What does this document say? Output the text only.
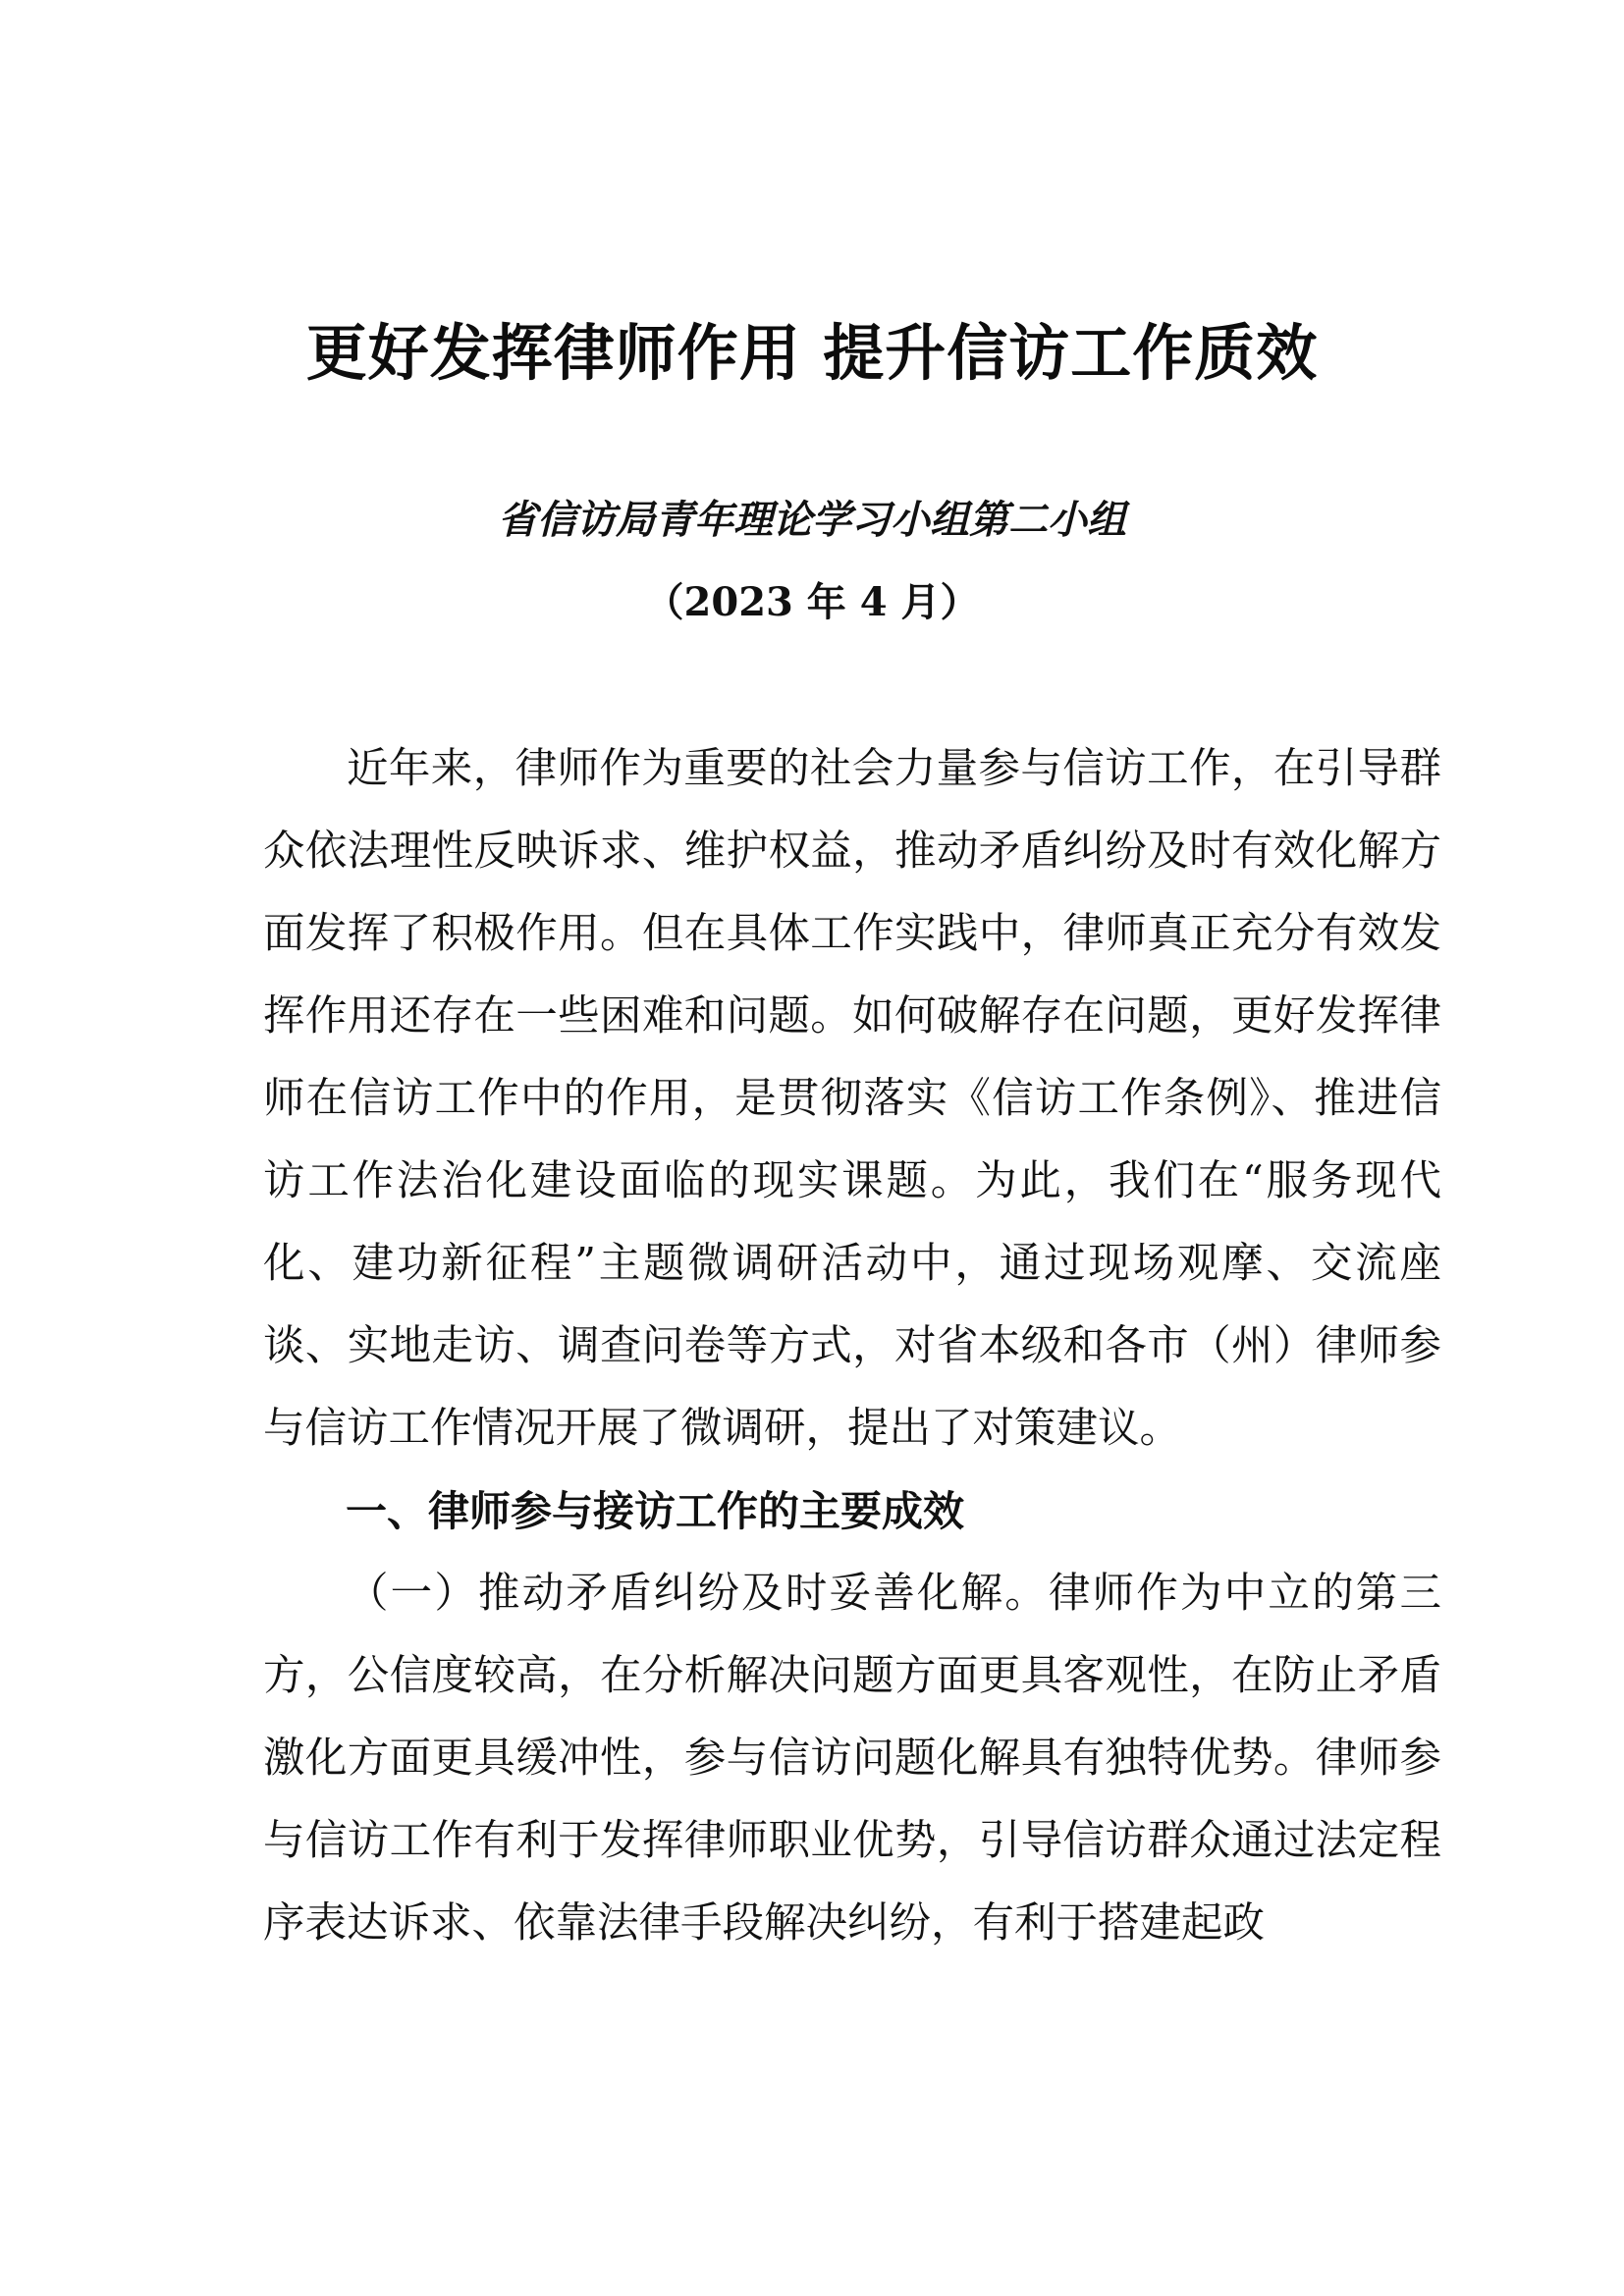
更好发挥律师作用 提升信访工作质效
省信访局青年理论学习小组第二小组
（2023 年 4 月）

近年来，律师作为重要的社会力量参与信访工作，在引导群众依法理性反映诉求、维护权益，推动矛盾纠纷及时有效化解方面发挥了积极作用。但在具体工作实践中，律师真正充分有效发挥作用还存在一些困难和问题。如何破解存在问题，更好发挥律师在信访工作中的作用，是贯彻落实《信访工作条例》、推进信访工作法治化建设面临的现实课题。为此，我们在“服务现代化、建功新征程”主题微调研活动中，通过现场观摩、交流座谈、实地走访、调查问卷等方式，对省本级和各市（州）律师参与信访工作情况开展了微调研，提出了对策建议。

一、律师参与接访工作的主要成效

（一）推动矛盾纠纷及时妥善化解。律师作为中立的第三方，公信度较高，在分析解决问题方面更具客观性，在防止矛盾激化方面更具缓冲性，参与信访问题化解具有独特优势。律师参与信访工作有利于发挥律师职业优势，引导信访群众通过法定程序表达诉求、依靠法律手段解决纠纷，有利于搭建起政
